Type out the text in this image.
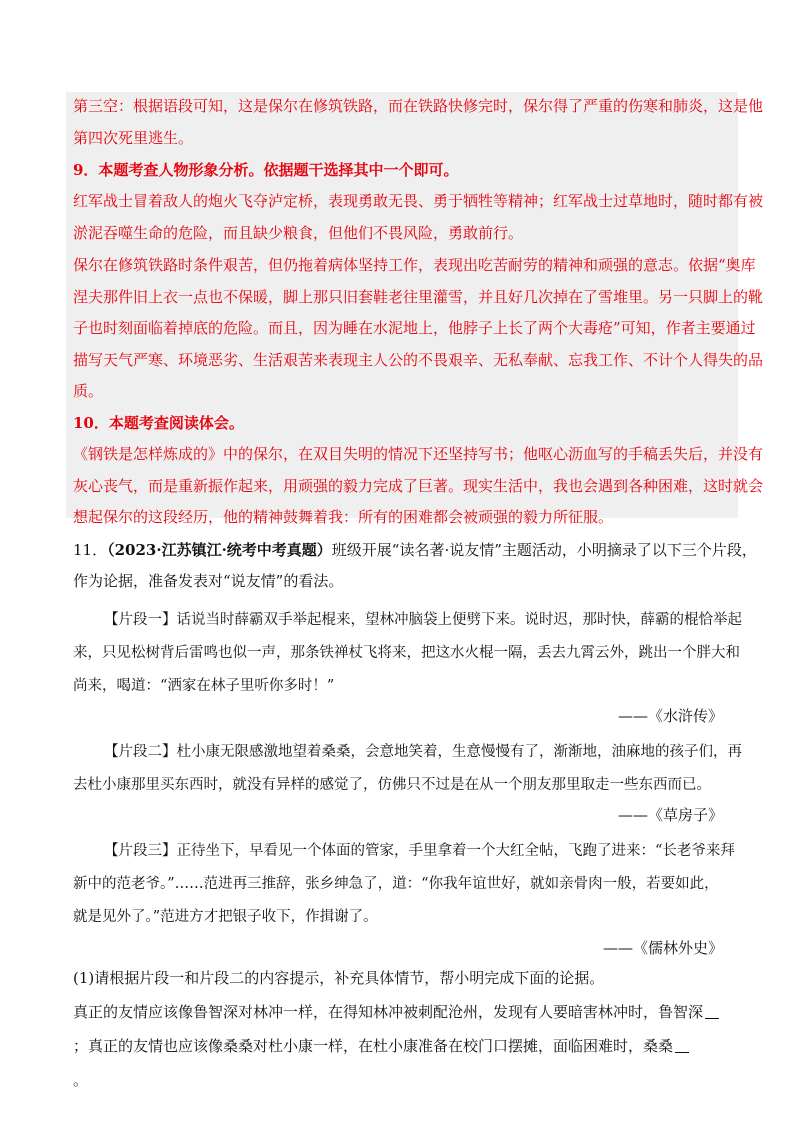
第三空：根据语段可知，这是保尔在修筑铁路，而在铁路快修完时，保尔得了严重的伤寒和肺炎，这是他
第四次死里逃生。
9．本题考查人物形象分析。依据题干选择其中一个即可。
红军战士冒着敌人的炮火飞夺泸定桥，表现勇敢无畏、勇于牺牲等精神；红军战士过草地时，随时都有被
淤泥吞噬生命的危险，而且缺少粮食，但他们不畏风险，勇敢前行。
保尔在修筑铁路时条件艰苦，但仍拖着病体坚持工作，表现出吃苦耐劳的精神和顽强的意志。依据“奥库
涅夫那件旧上衣一点也不保暖，脚上那只旧套鞋老往里灌雪，并且好几次掉在了雪堆里。另一只脚上的靴
子也时刻面临着掉底的危险。而且，因为睡在水泥地上，他脖子上长了两个大毒疮”可知，作者主要通过
描写天气严寒、环境恶劣、生活艰苦来表现主人公的不畏艰辛、无私奉献、忘我工作、不计个人得失的品
质。
10．本题考查阅读体会。
《钢铁是怎样炼成的》中的保尔，在双目失明的情况下还坚持写书；他呕心沥血写的手稿丢失后，并没有
灰心丧气，而是重新振作起来，用顽强的毅力完成了巨著。现实生活中，我也会遇到各种困难，这时就会
想起保尔的这段经历，他的精神鼓舞着我：所有的困难都会被顽强的毅力所征服。
11．（2023·江苏镇江·统考中考真题）班级开展“读名著·说友情”主题活动，小明摘录了以下三个片段，
作为论据，准备发表对“说友情”的看法。
【片段一】话说当时薛霸双手举起棍来，望林冲脑袋上便劈下来。说时迟，那时快，薛霸的棍恰举起
来，只见松树背后雷鸣也似一声，那条铁禅杖飞将来，把这水火棍一隔，丢去九霄云外，跳出一个胖大和
尚来，喝道：“洒家在林子里听你多时！”
——《水浒传》
【片段二】杜小康无限感激地望着桑桑，会意地笑着，生意慢慢有了，渐渐地，油麻地的孩子们，再
去杜小康那里买东西时，就没有异样的感觉了，仿佛只不过是在从一个朋友那里取走一些东西而已。
——《草房子》
【片段三】正待坐下，早看见一个体面的管家，手里拿着一个大红全帖，飞跑了进来：“长老爷来拜
新中的范老爷。”……范进再三推辞，张乡绅急了，道：“你我年谊世好，就如亲骨肉一般，若要如此，
就是见外了。”范进方才把银子收下，作揖谢了。
——《儒林外史》
(1)请根据片段一和片段二的内容提示，补充具体情节，帮小明完成下面的论据。
真正的友情应该像鲁智深对林冲一样，在得知林冲被刺配沧州，发现有人要暗害林冲时，鲁智深
；真正的友情也应该像桑桑对杜小康一样，在杜小康准备在校门口摆摊，面临困难时，桑桑
。
